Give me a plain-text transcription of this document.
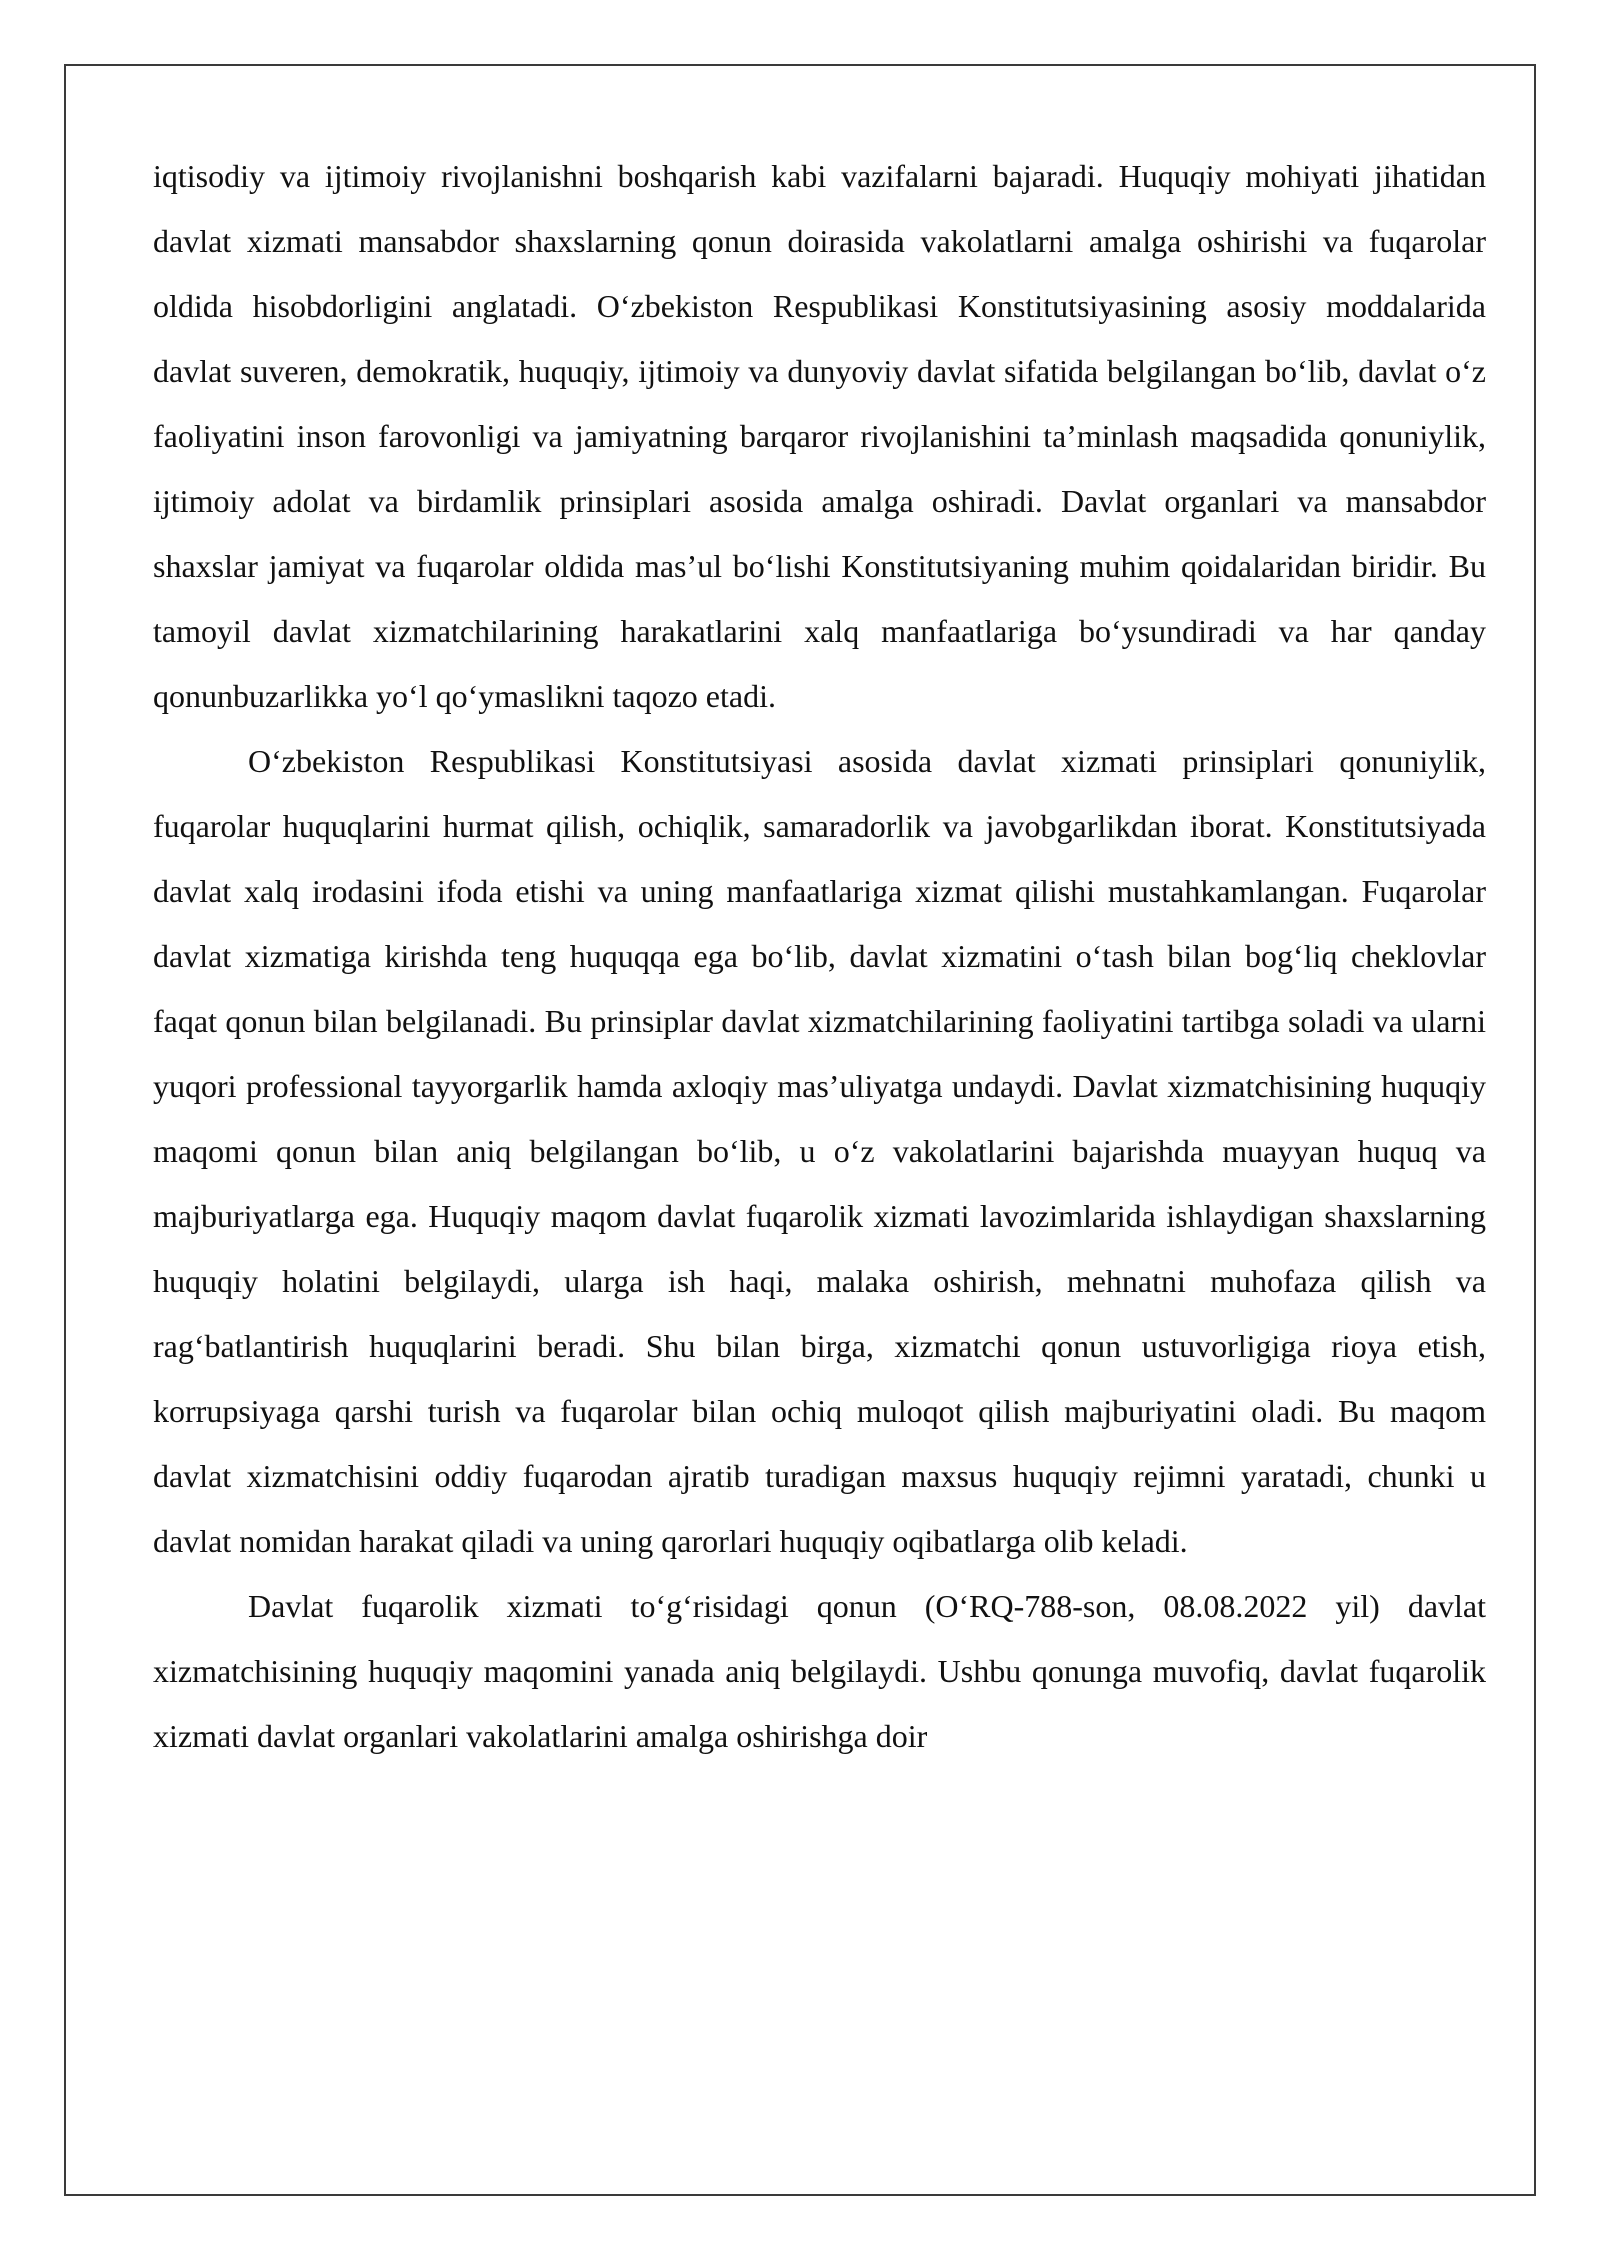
iqtisodiy va ijtimoiy rivojlanishni boshqarish kabi vazifalarni bajaradi. Huquqiy mohiyati jihatidan davlat xizmati mansabdor shaxslarning qonun doirasida vakolatlarni amalga oshirishi va fuqarolar oldida hisobdorligini anglatadi. O‘zbekiston Respublikasi Konstitutsiyasining asosiy moddalarida davlat suveren, demokratik, huquqiy, ijtimoiy va dunyoviy davlat sifatida belgilangan bo‘lib, davlat o‘z faoliyatini inson farovonligi va jamiyatning barqaror rivojlanishini ta’minlash maqsadida qonuniylik, ijtimoiy adolat va birdamlik prinsiplari asosida amalga oshiradi. Davlat organlari va mansabdor shaxslar jamiyat va fuqarolar oldida mas’ul bo‘lishi Konstitutsiyaning muhim qoidalaridan biridir. Bu tamoyil davlat xizmatchilarining harakatlarini xalq manfaatlariga bo‘ysundiradi va har qanday qonunbuzarlikka yo‘l qo‘ymaslikni taqozo etadi.

O‘zbekiston Respublikasi Konstitutsiyasi asosida davlat xizmati prinsiplari qonuniylik, fuqarolar huquqlarini hurmat qilish, ochiqlik, samaradorlik va javobgarlikdan iborat. Konstitutsiyada davlat xalq irodasini ifoda etishi va uning manfaatlariga xizmat qilishi mustahkamlangan. Fuqarolar davlat xizmatiga kirishda teng huquqqa ega bo‘lib, davlat xizmatini o‘tash bilan bog‘liq cheklovlar faqat qonun bilan belgilanadi. Bu prinsiplar davlat xizmatchilarining faoliyatini tartibga soladi va ularni yuqori professional tayyorgarlik hamda axloqiy mas’uliyatga undaydi. Davlat xizmatchisining huquqiy maqomi qonun bilan aniq belgilangan bo‘lib, u o‘z vakolatlarini bajarishda muayyan huquq va majburiyatlarga ega. Huquqiy maqom davlat fuqarolik xizmati lavozimlarida ishlaydigan shaxslarning huquqiy holatini belgilaydi, ularga ish haqi, malaka oshirish, mehnatni muhofaza qilish va rag‘batlantirish huquqlarini beradi. Shu bilan birga, xizmatchi qonun ustuvorligiga rioya etish, korrupsiyaga qarshi turish va fuqarolar bilan ochiq muloqot qilish majburiyatini oladi. Bu maqom davlat xizmatchisini oddiy fuqarodan ajratib turadigan maxsus huquqiy rejimni yaratadi, chunki u davlat nomidan harakat qiladi va uning qarorlari huquqiy oqibatlarga olib keladi.

Davlat fuqarolik xizmati to‘g‘risidagi qonun (O‘RQ-788-son, 08.08.2022 yil) davlat xizmatchisining huquqiy maqomini yanada aniq belgilaydi. Ushbu qonunga muvofiq, davlat fuqarolik xizmati davlat organlari vakolatlarini amalga oshirishga doir
